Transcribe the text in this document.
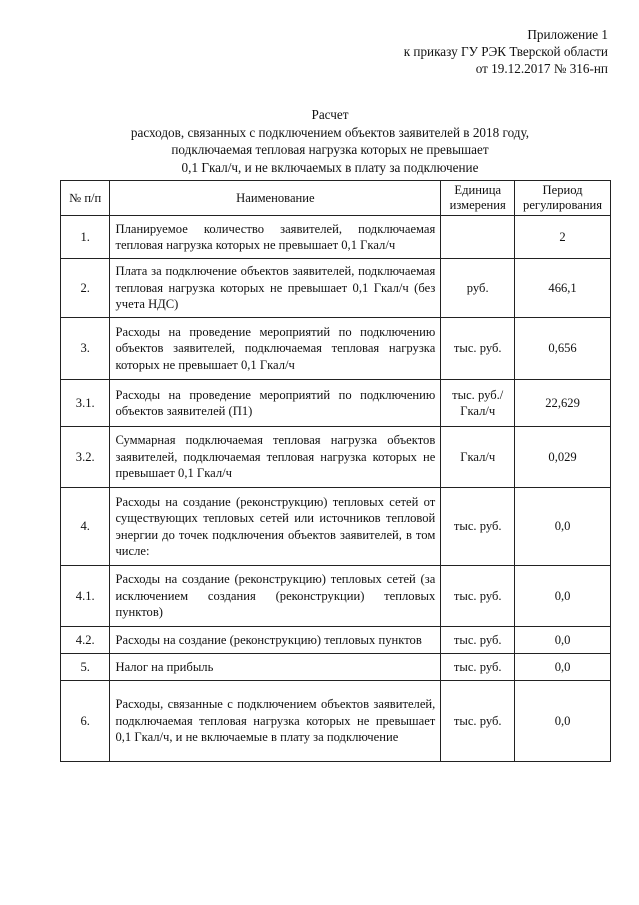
Приложение 1
к приказу ГУ РЭК Тверской области
от 19.12.2017 № 316-нп
Расчет
расходов, связанных с подключением объектов заявителей в 2018 году,
подключаемая тепловая нагрузка которых не превышает
0,1 Гкал/ч, и не включаемых в плату за подключение
№ п/п	Наименование	Единица измерения	Период регулирования
1.	Планируемое количество заявителей, подключаемая тепловая нагрузка которых не превышает 0,1 Гкал/ч		2
2.	Плата за подключение объектов заявителей, подключаемая тепловая нагрузка которых не превышает 0,1 Гкал/ч (без учета НДС)	руб.	466,1
3.	Расходы на проведение мероприятий по подключению объектов заявителей, подключаемая тепловая нагрузка которых не превышает 0,1 Гкал/ч	тыс. руб.	0,656
3.1.	Расходы на проведение мероприятий по подключению объектов заявителей (П1)	тыс. руб./Гкал/ч	22,629
3.2.	Суммарная подключаемая тепловая нагрузка объектов заявителей, подключаемая тепловая нагрузка которых не превышает 0,1 Гкал/ч	Гкал/ч	0,029
4.	Расходы на создание (реконструкцию) тепловых сетей от существующих тепловых сетей или источников тепловой энергии до точек подключения объектов заявителей, в том числе:	тыс. руб.	0,0
4.1.	Расходы на создание (реконструкцию) тепловых сетей (за исключением создания (реконструкции) тепловых пунктов)	тыс. руб.	0,0
4.2.	Расходы на создание (реконструкцию) тепловых пунктов	тыс. руб.	0,0
5.	Налог на прибыль	тыс. руб.	0,0
6.	Расходы, связанные с подключением объектов заявителей, подключаемая тепловая нагрузка которых не превышает 0,1 Гкал/ч, и не включаемые в плату за подключение	тыс. руб.	0,0
